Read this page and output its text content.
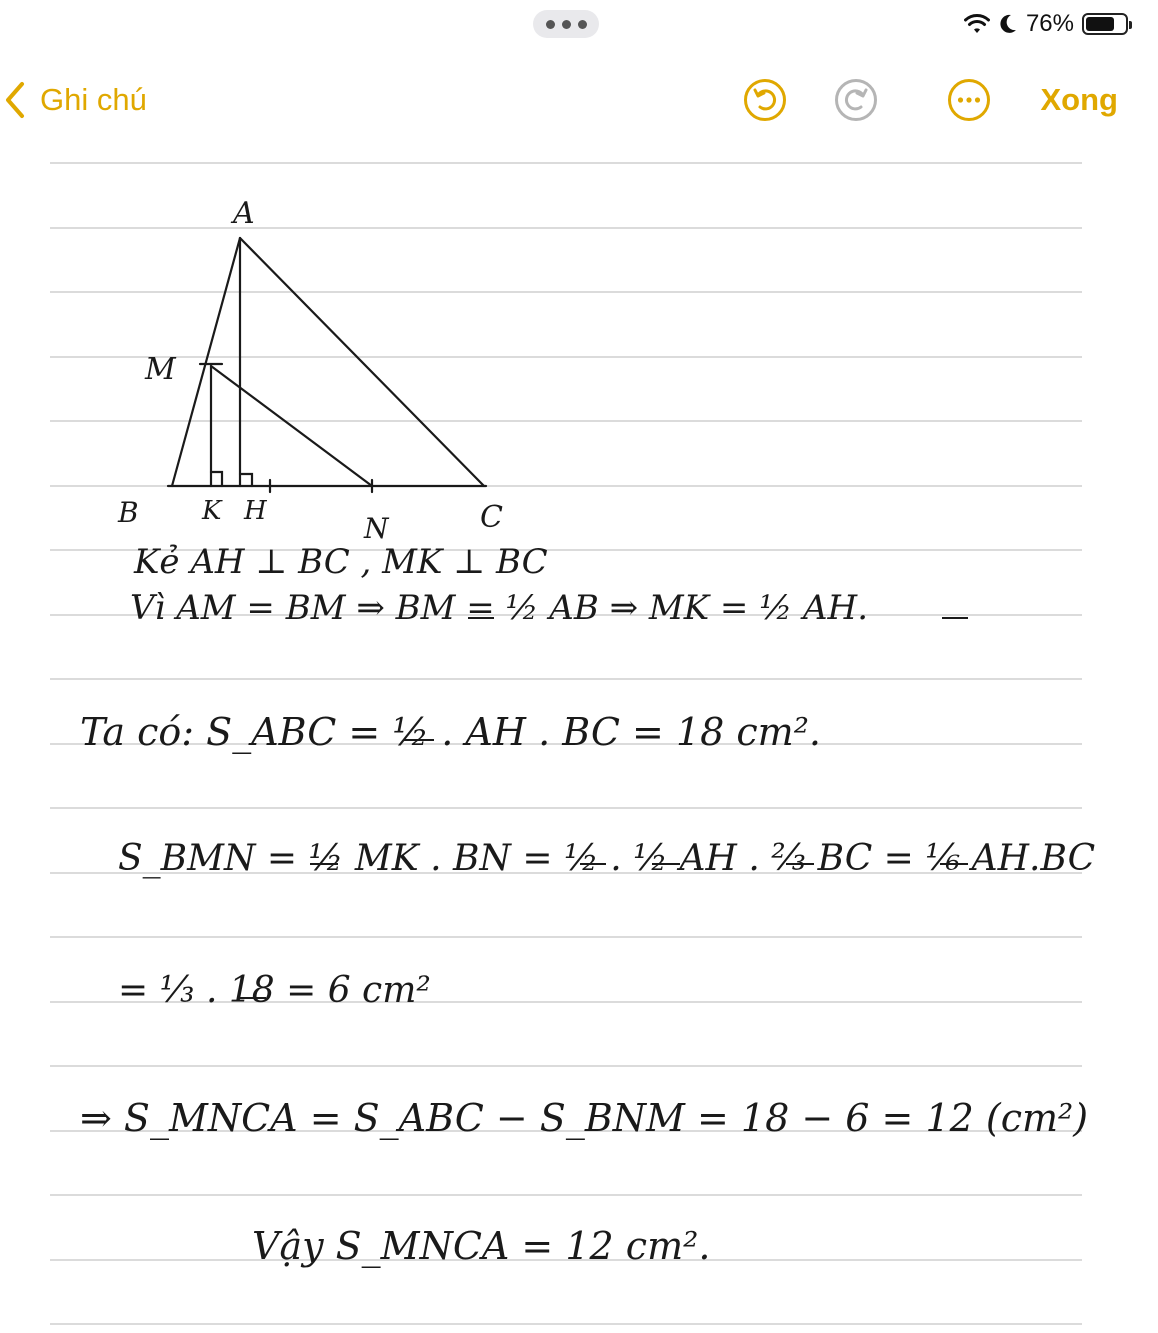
76%
Ghi chú	Xong
A
M
B K H
N	C
Kẻ AH ⊥ BC , MK ⊥ BC
Vì AM = BM ⇒ BM = ½ AB ⇒ MK = ½ AH.
Ta có: S_ABC = ½ . AH . BC = 18 cm².
S_BMN = ½ MK . BN = ½ . ½ AH . ⅔ BC = ⅙ AH.BC
= ⅓ . 18 = 6 cm²
⇒ S_MNCA = S_ABC − S_BNM = 18 − 6 = 12 (cm²)
Vậy S_MNCA = 12 cm².
